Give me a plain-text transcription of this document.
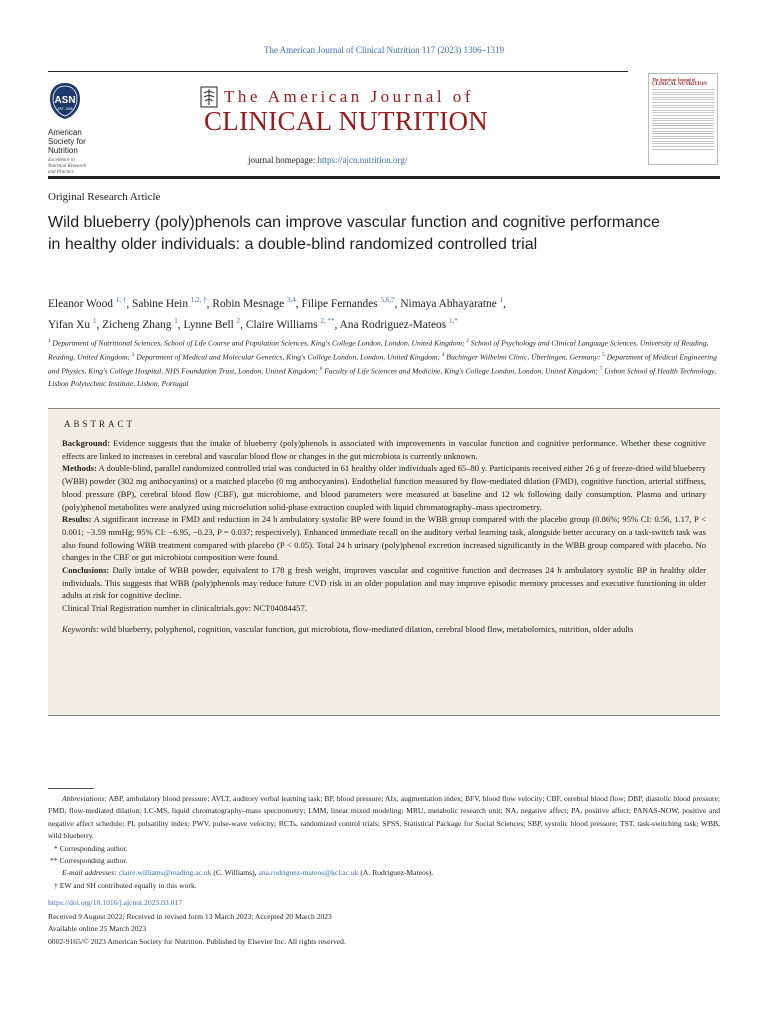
The American Journal of Clinical Nutrition 117 (2023) 1306–1319
ASN
EST. 1928
American
Society for
Nutrition
Excellence in
Nutrition Research
and Practice
The American Journal of
CLINICAL NUTRITION
journal homepage: https://ajcn.nutrition.org/
The American Journal of
CLINICAL NUTRITION
Original Research Article
Wild blueberry (poly)phenols can improve vascular function and cognitive performance in healthy older individuals: a double-blind randomized controlled trial
Eleanor Wood $^{1, \dagger}$, Sabine Hein $^{1,2, \dagger}$, Robin Mesnage $^{3,4}$, Filipe Fernandes $^{5,6,7}$, Nimaya Abhayaratne $^1$,
Yifan Xu $^1$, Zicheng Zhang $^1$, Lynne Bell $^2$, Claire Williams $^{2, **}$, Ana Rodriguez-Mateos $^{1,*}$
$^1$ Department of Nutritional Sciences, School of Life Course and Population Sciences, King's College London, London, United Kingdom; $^2$ School of Psychology and Clinical Language Sciences, University of Reading, Reading, United Kingdom; $^3$ Department of Medical and Molecular Genetics, King's College London, London, United Kingdom; $^4$ Buchinger Wilhelmi Clinic, Überlingen, Germany; $^5$ Department of Medical Engineering and Physics, King's College Hospital, NHS Foundation Trust, London, United Kingdom; $^6$ Faculty of Life Sciences and Medicine, King's College London, London, United Kingdom; $^7$ Lisbon School of Health Technology, Lisbon Polytechnic Institute, Lisbon, Portugal
ABSTRACT

Background: Evidence suggests that the intake of blueberry (poly)phenols is associated with improvements in vascular function and cognitive performance. Whether these cognitive effects are linked to increases in cerebral and vascular blood flow or changes in the gut microbiota is currently unknown.

Methods: A double-blind, parallel randomized controlled trial was conducted in 61 healthy older individuals aged 65–80 y. Participants received either 26 g of freeze-dried wild blueberry (WBB) powder (302 mg anthocyanins) or a matched placebo (0 mg anthocyanins). Endothelial function measured by flow-mediated dilation (FMD), cognitive function, arterial stiffness, blood pressure (BP), cerebral blood flow (CBF), gut microbiome, and blood parameters were measured at baseline and 12 wk following daily consumption. Plasma and urinary (poly)phenol metabolites were analyzed using microelution solid-phase extraction coupled with liquid chromatography–mass spectrometry.

Results: A significant increase in FMD and reduction in 24 h ambulatory systolic BP were found in the WBB group compared with the placebo group (0.86%; 95% CI: 0.56, 1.17, P < 0.001; −3.59 mmHg; 95% CI: −6.95, −0.23, P = 0.037; respectively). Enhanced immediate recall on the auditory verbal learning task, alongside better accuracy on a task-switch task was also found following WBB treatment compared with placebo (P < 0.05). Total 24 h urinary (poly)phenol excretion increased significantly in the WBB group compared with placebo. No changes in the CBF or gut microbiota composition were found.

Conclusions: Daily intake of WBB powder, equivalent to 178 g fresh weight, improves vascular and cognitive function and decreases 24 h ambulatory systolic BP in healthy older individuals. This suggests that WBB (poly)phenols may reduce future CVD risk in an older population and may improve episodic memory processes and executive functioning in older adults at risk for cognitive decline.

Clinical Trial Registration number in clinicaltrials.gov: NCT04084457.

Keywords: wild blueberry, polyphenol, cognition, vascular function, gut microbiota, flow-mediated dilation, cerebral blood flow, metabolomics, nutrition, older adults

Abbreviations: ABP, ambulatory blood pressure; AVLT, auditory verbal learning task; BP, blood pressure; AIx, augmentation index; BFV, blood flow velocity; CBF, cerebral blood flow; DBP, diastolic blood pressure; FMD, flow-mediated dilation; LC-MS, liquid chromatography–mass spectrometry; LMM, linear mixed modeling; MRU, metabolic research unit; NA, negative affect; PA, positive affect; PANAS-NOW, positive and negative affect schedule; PI, pulsatility index; PWV, pulse-wave velocity; RCTs, randomized control trials; SPSS, Statistical Package for Social Sciences; SBP, systolic blood pressure; TST, task-switching task; WBB, wild blueberry.

* Corresponding author.

** Corresponding author.

E-mail addresses: claire.williams@reading.ac.uk (C. Williams), ana.rodriguez-mateos@kcl.ac.uk (A. Rodriguez-Mateos).

† EW and SH contributed equally to this work.

https://doi.org/10.1016/j.ajcnut.2023.03.017
Received 9 August 2022; Received in revised form 13 March 2023; Accepted 20 March 2023
Available online 25 March 2023
0002-9165/© 2023 American Society for Nutrition. Published by Elsevier Inc. All rights reserved.
